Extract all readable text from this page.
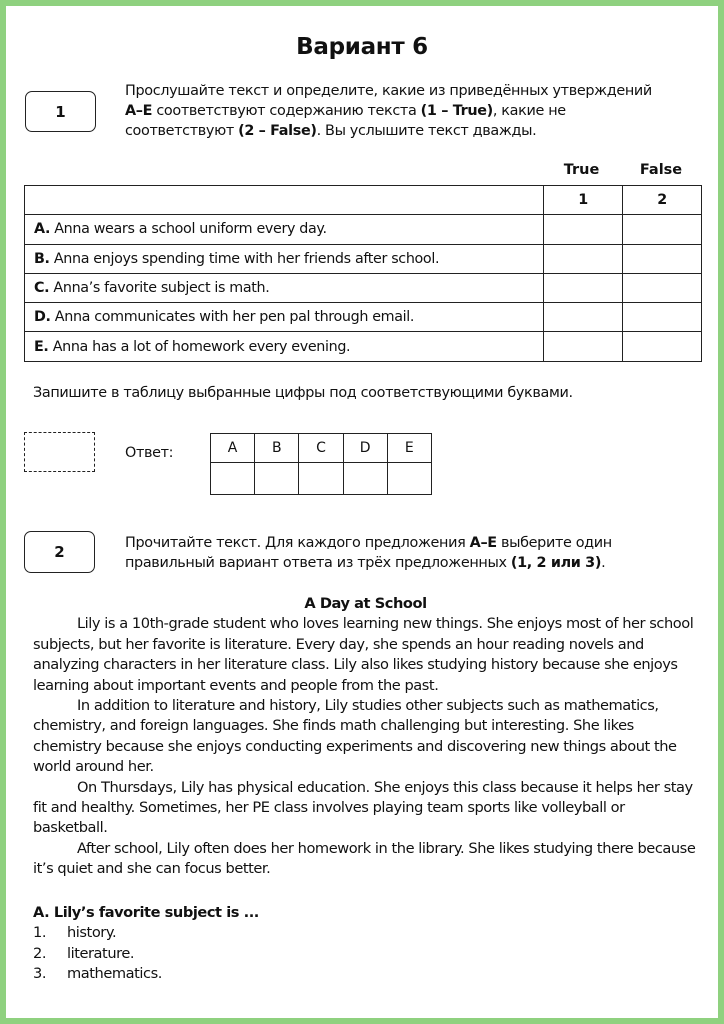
Вариант 6
1
Прослушайте текст и определите, какие из приведённых утверждений
A–E соответствуют содержанию текста (1 – True), какие не
соответствуют (2 – False). Вы услышите текст дважды.
True	False
	1	2
A. Anna wears a school uniform every day.		
B. Anna enjoys spending time with her friends after school.		
C. Anna’s favorite subject is math.		
D. Anna communicates with her pen pal through email.		
E. Anna has a lot of homework every evening.		
Запишите в таблицу выбранные цифры под соответствующими буквами.
Ответ:	A	B	C	D	E

2	Прочитайте текст. Для каждого предложения A–E выберите один
правильный вариант ответа из трёх предложенных (1, 2 или 3).
A Day at School

Lily is a 10th-grade student who loves learning new things. She enjoys most of her school subjects, but her favorite is literature. Every day, she spends an hour reading novels and analyzing characters in her literature class. Lily also likes studying history because she enjoys learning about important events and people from the past.

In addition to literature and history, Lily studies other subjects such as mathematics, chemistry, and foreign languages. She finds math challenging but interesting. She likes chemistry because she enjoys conducting experiments and discovering new things about the world around her.

On Thursdays, Lily has physical education. She enjoys this class because it helps her stay fit and healthy. Sometimes, her PE class involves playing team sports like volleyball or basketball.

After school, Lily often does her homework in the library. She likes studying there because it’s quiet and she can focus better.

A. Lily’s favorite subject is ...
1.	history.
2.	literature.
3.	mathematics.
